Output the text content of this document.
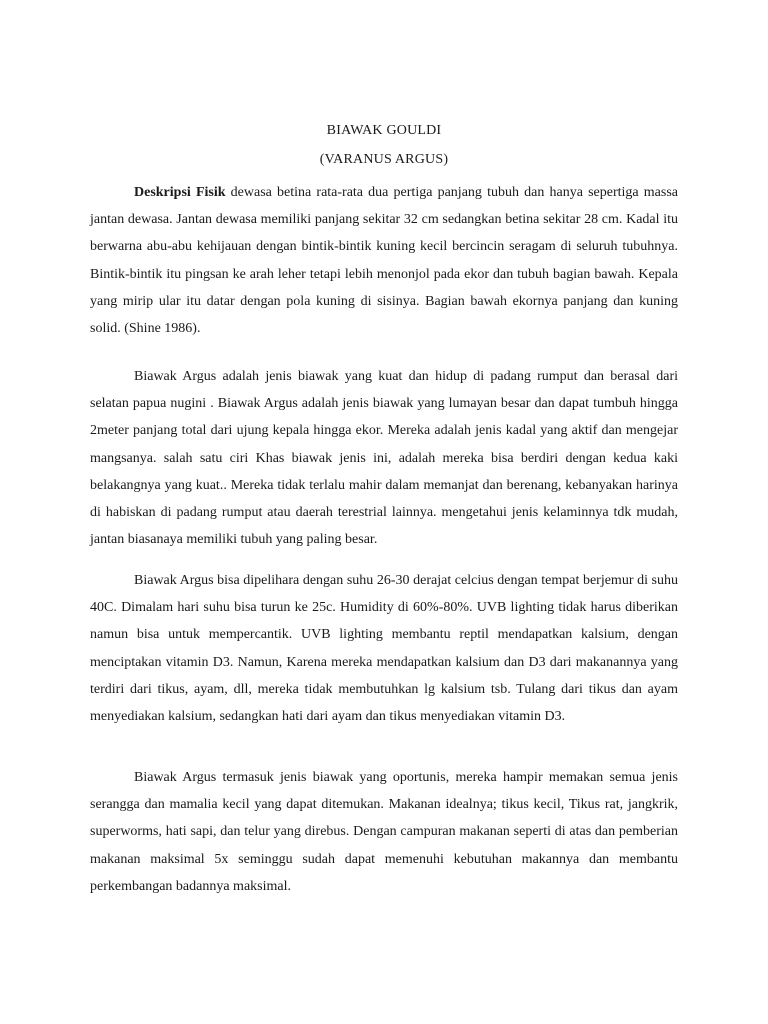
BIAWAK GOULDI
(VARANUS ARGUS)

Deskripsi Fisik dewasa betina rata-rata dua pertiga panjang tubuh dan hanya sepertiga massa jantan dewasa. Jantan dewasa memiliki panjang sekitar 32 cm sedangkan betina sekitar 28 cm. Kadal itu berwarna abu-abu kehijauan dengan bintik-bintik kuning kecil bercincin seragam di seluruh tubuhnya. Bintik-bintik itu pingsan ke arah leher tetapi lebih menonjol pada ekor dan tubuh bagian bawah. Kepala yang mirip ular itu datar dengan pola kuning di sisinya. Bagian bawah ekornya panjang dan kuning solid. (Shine 1986).

Biawak Argus adalah jenis biawak yang kuat dan hidup di padang rumput dan berasal dari selatan papua nugini . Biawak Argus adalah jenis biawak yang lumayan besar dan dapat tumbuh hingga 2meter panjang total dari ujung kepala hingga ekor. Mereka adalah jenis kadal yang aktif dan mengejar mangsanya. salah satu ciri Khas biawak jenis ini, adalah mereka bisa berdiri dengan kedua kaki belakangnya yang kuat.. Mereka tidak terlalu mahir dalam memanjat dan berenang, kebanyakan harinya di habiskan di padang rumput atau daerah terestrial lainnya. mengetahui jenis kelaminnya tdk mudah, jantan biasanaya memiliki tubuh yang paling besar.

Biawak Argus bisa dipelihara dengan suhu 26-30 derajat celcius dengan tempat berjemur di suhu 40C. Dimalam hari suhu bisa turun ke 25c. Humidity di 60%-80%. UVB lighting tidak harus diberikan namun bisa untuk mempercantik. UVB lighting membantu reptil mendapatkan kalsium, dengan menciptakan vitamin D3. Namun, Karena mereka mendapatkan kalsium dan D3 dari makanannya yang terdiri dari tikus, ayam, dll, mereka tidak membutuhkan lg kalsium tsb. Tulang dari tikus dan ayam menyediakan kalsium, sedangkan hati dari ayam dan tikus menyediakan vitamin D3.

Biawak Argus termasuk jenis biawak yang oportunis, mereka hampir memakan semua jenis serangga dan mamalia kecil yang dapat ditemukan. Makanan idealnya; tikus kecil, Tikus rat, jangkrik, superworms, hati sapi, dan telur yang direbus. Dengan campuran makanan seperti di atas dan pemberian makanan maksimal 5x seminggu sudah dapat memenuhi kebutuhan makannya dan membantu perkembangan badannya maksimal.
